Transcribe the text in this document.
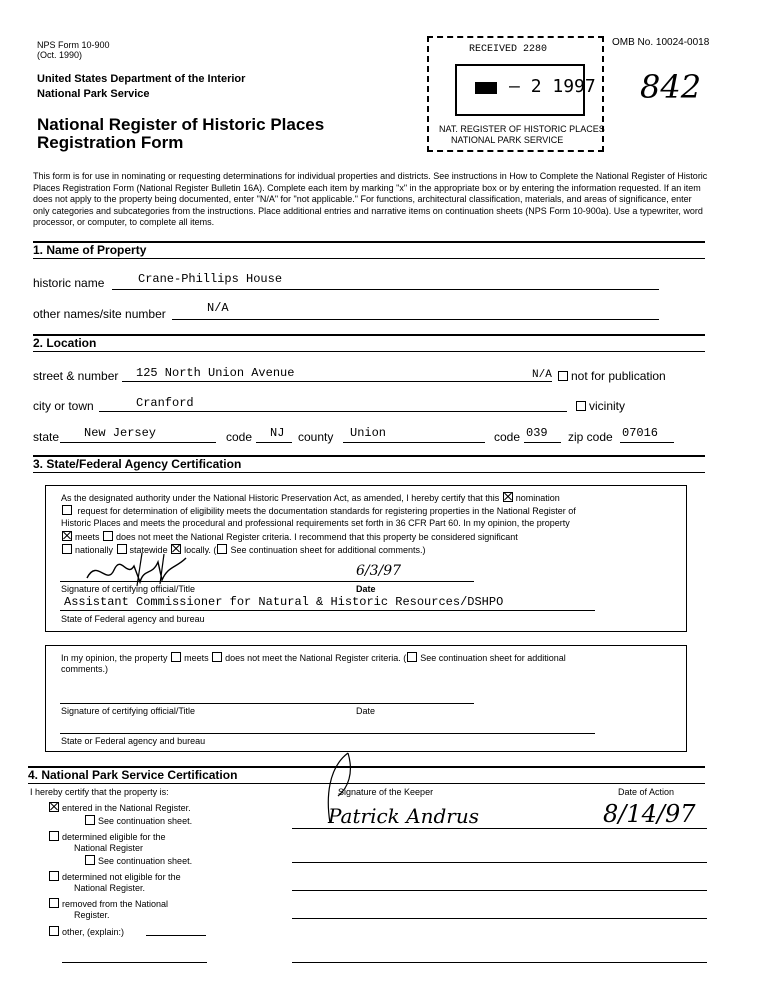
NPS Form 10-900
(Oct. 1990)
United States Department of the Interior
National Park Service
National Register of Historic Places
Registration Form
OMB No. 10024-0018
842
RECEIVED 2280
– 2 1997
NAT. REGISTER OF HISTORIC PLACES
NATIONAL PARK SERVICE
This form is for use in nominating or requesting determinations for individual properties and districts. See instructions in How to Complete the National Register of Historic Places Registration Form (National Register Bulletin 16A). Complete each item by marking "x" in the appropriate box or by entering the information requested. If an item does not apply to the property being documented, enter "N/A" for "not applicable." For functions, architectural classification, materials, and areas of significance, enter only categories and subcategories from the instructions. Place additional entries and narrative items on continuation sheets (NPS Form 10-900a). Use a typewriter, word processor, or computer, to complete all items.
1. Name of Property
historic name	Crane-Phillips House
other names/site number	N/A
2. Location
street & number 125 North Union Avenue	N/A	not for publication
city or town	Cranford	vicinity
state New Jersey	code NJ county Union	code 039 zip code 07016
3. State/Federal Agency Certification
As the designated authority under the National Historic Preservation Act, as amended, I hereby certify that this nomination
request for determination of eligibility meets the documentation standards for registering properties in the National Register of
Historic Places and meets the procedural and professional requirements set forth in 36 CFR Part 60. In my opinion, the property
meets does not meet the National Register criteria. I recommend that this property be considered significant
nationally statewide locally. ( See continuation sheet for additional comments.)
6/3/97
Signature of certifying official/Title	Date
Assistant Commissioner for Natural & Historic Resources/DSHPO
State of Federal agency and bureau
In my opinion, the property meets does not meet the National Register criteria. ( See continuation sheet for additional
comments.)
Signature of certifying official/Title	Date
State or Federal agency and bureau
4. National Park Service Certification
I hereby certify that the property is:	Signature of the Keeper	Date of Action
Patrick Andrus	8/14/97
entered in the National Register.
See continuation sheet.
determined eligible for the
National Register
See continuation sheet.
determined not eligible for the
National Register.
removed from the National
Register.
other, (explain:)
